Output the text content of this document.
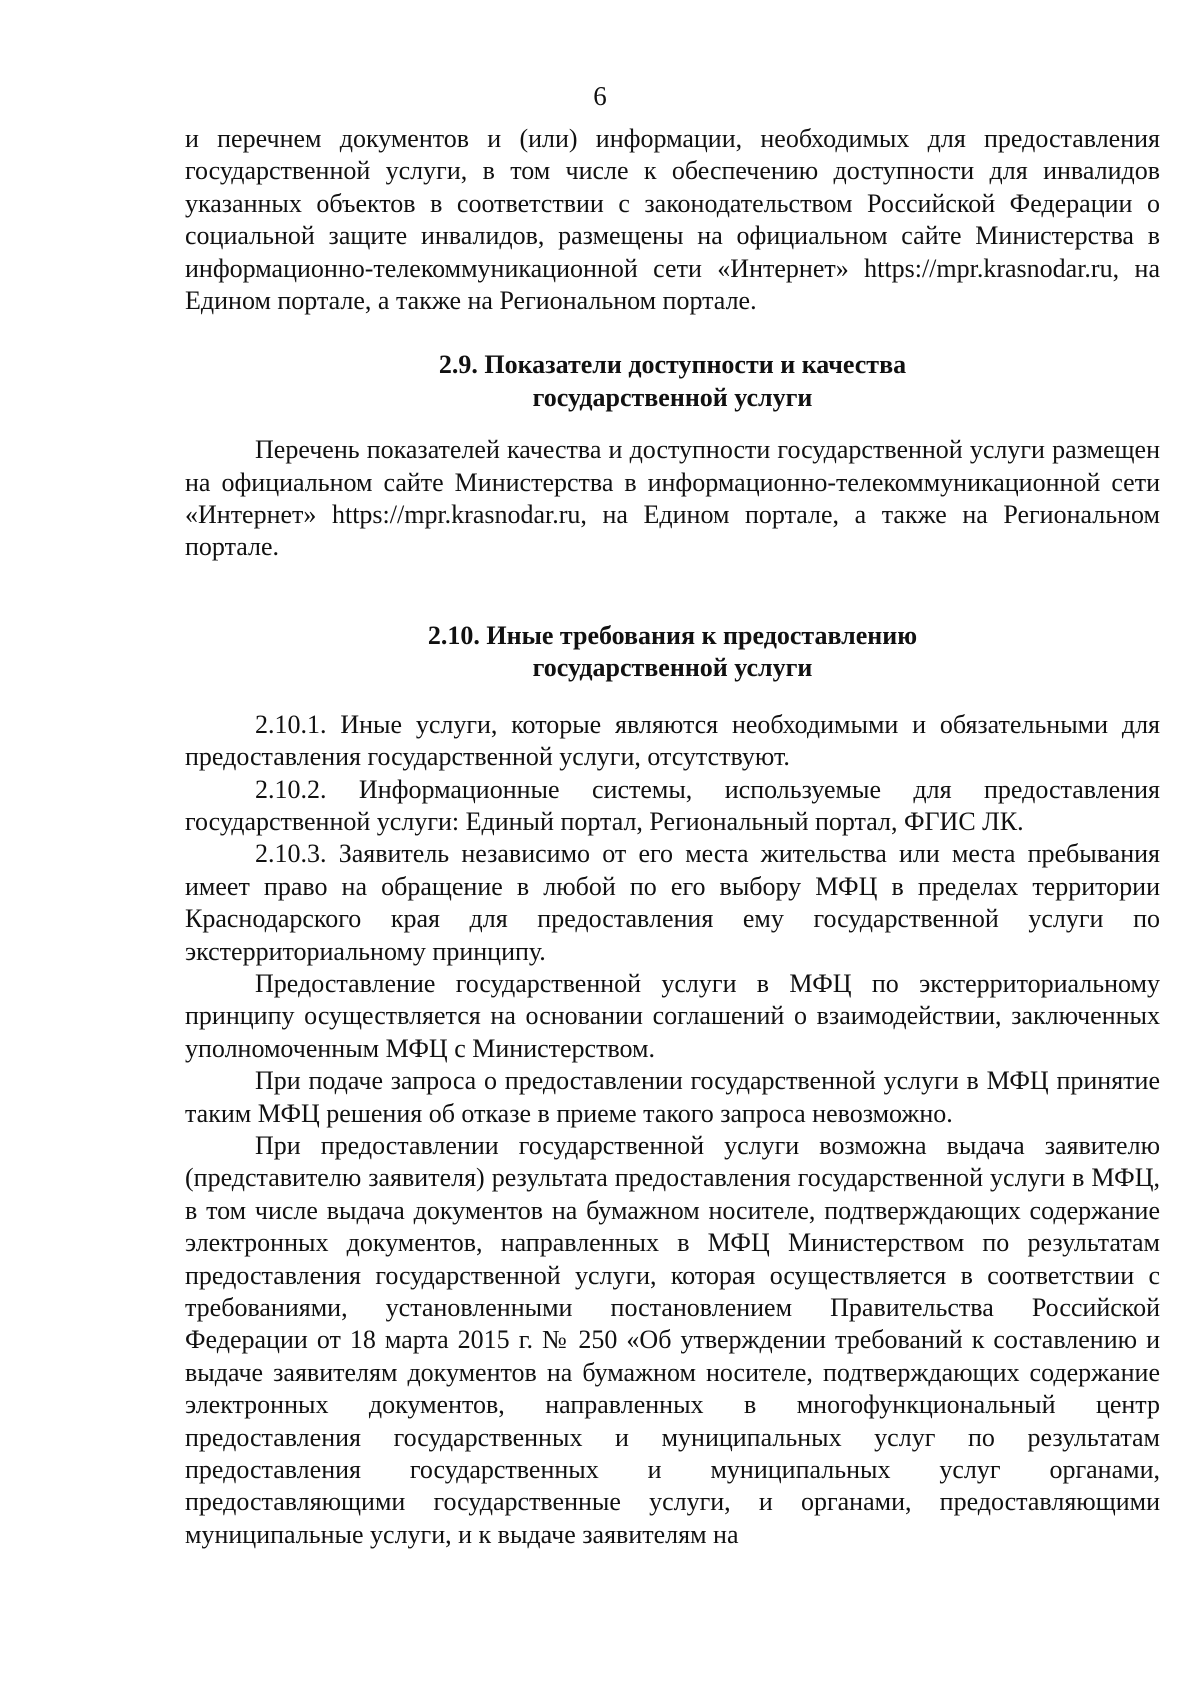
6

и перечнем документов и (или) информации, необходимых для предоставления государственной услуги, в том числе к обеспечению доступности для инвалидов указанных объектов в соответствии с законодательством Российской Федерации о социальной защите инвалидов, размещены на официальном сайте Министерства в информационно-телекоммуникационной сети «Интернет» https://mpr.krasnodar.ru, на Едином портале, а также на Региональном портале.

2.9. Показатели доступности и качества
государственной услуги

Перечень показателей качества и доступности государственной услуги размещен на официальном сайте Министерства в информационно-телекоммуникационной сети «Интернет» https://mpr.krasnodar.ru, на Едином портале, а также на Региональном портале.

2.10. Иные требования к предоставлению
государственной услуги

2.10.1. Иные услуги, которые являются необходимыми и обязательными для предоставления государственной услуги, отсутствуют.

2.10.2. Информационные системы, используемые для предоставления государственной услуги: Единый портал, Региональный портал, ФГИС ЛК.

2.10.3. Заявитель независимо от его места жительства или места пребывания имеет право на обращение в любой по его выбору МФЦ в пределах территории Краснодарского края для предоставления ему государственной услуги по экстерриториальному принципу.

Предоставление государственной услуги в МФЦ по экстерриториальному принципу осуществляется на основании соглашений о взаимодействии, заключенных уполномоченным МФЦ с Министерством.

При подаче запроса о предоставлении государственной услуги в МФЦ принятие таким МФЦ решения об отказе в приеме такого запроса невозможно.

При предоставлении государственной услуги возможна выдача заявителю (представителю заявителя) результата предоставления государственной услуги в МФЦ, в том числе выдача документов на бумажном носителе, подтверждающих содержание электронных документов, направленных в МФЦ Министерством по результатам предоставления государственной услуги, которая осуществляется в соответствии с требованиями, установленными постановлением Правительства Российской Федерации от 18 марта 2015 г. № 250 «Об утверждении требований к составлению и выдаче заявителям документов на бумажном носителе, подтверждающих содержание электронных документов, направленных в многофункциональный центр предоставления государственных и муниципальных услуг по результатам предоставления государственных и муниципальных услуг органами, предоставляющими государственные услуги, и органами, предоставляющими муниципальные услуги, и к выдаче заявителям на
